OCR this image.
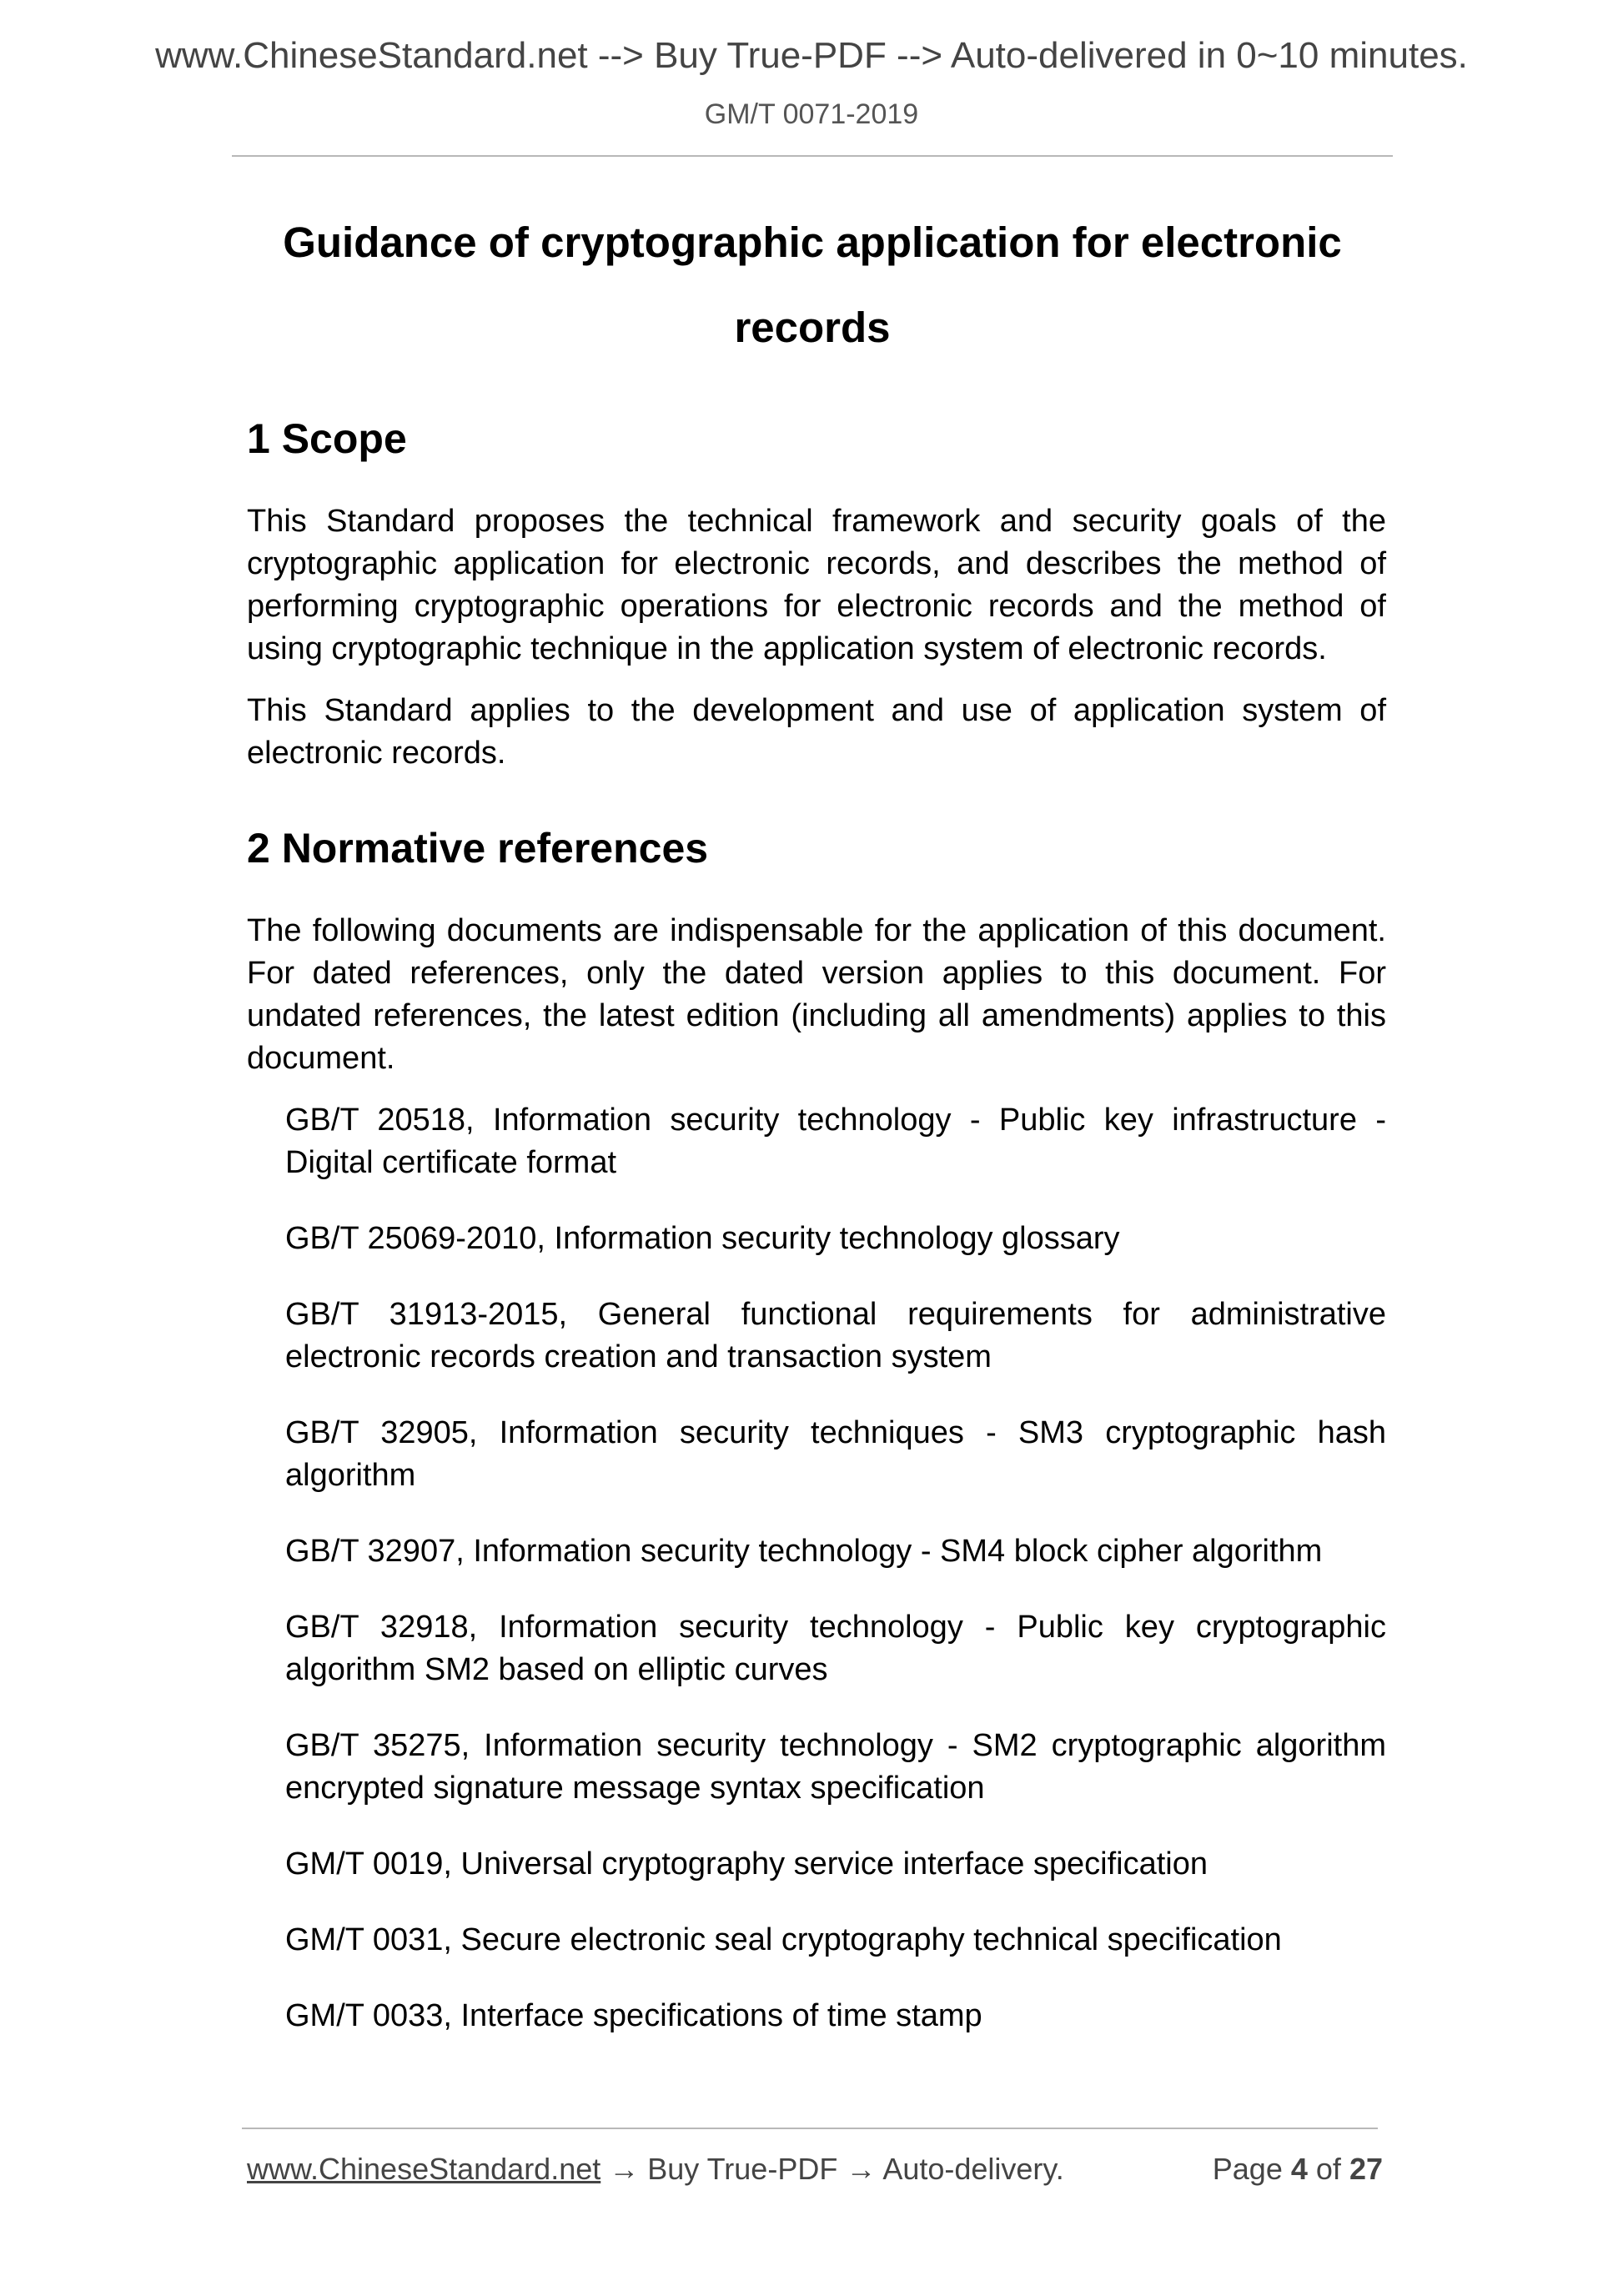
www.ChineseStandard.net --> Buy True-PDF --> Auto-delivered in 0~10 minutes.
GM/T 0071-2019
Guidance of cryptographic application for electronic
records
1 Scope

This Standard proposes the technical framework and security goals of the cryptographic application for electronic records, and describes the method of performing cryptographic operations for electronic records and the method of using cryptographic technique in the application system of electronic records.

This Standard applies to the development and use of application system of electronic records.

2 Normative references

The following documents are indispensable for the application of this document. For dated references, only the dated version applies to this document. For undated references, the latest edition (including all amendments) applies to this document.

GB/T 20518, Information security technology - Public key infrastructure - Digital certificate format

GB/T 25069-2010, Information security technology glossary

GB/T 31913-2015, General functional requirements for administrative electronic records creation and transaction system

GB/T 32905, Information security techniques - SM3 cryptographic hash algorithm

GB/T 32907, Information security technology - SM4 block cipher algorithm

GB/T 32918, Information security technology - Public key cryptographic algorithm SM2 based on elliptic curves

GB/T 35275, Information security technology - SM2 cryptographic algorithm encrypted signature message syntax specification

GM/T 0019, Universal cryptography service interface specification

GM/T 0031, Secure electronic seal cryptography technical specification

GM/T 0033, Interface specifications of time stamp

www.ChineseStandard.net → Buy True-PDF → Auto-delivery.	Page 4 of 27
